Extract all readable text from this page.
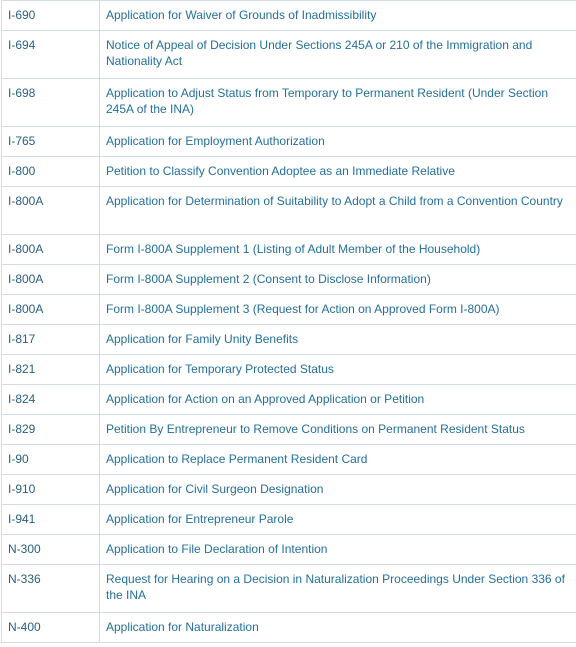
I-690	Application for Waiver of Grounds of Inadmissibility
I-694	Notice of Appeal of Decision Under Sections 245A or 210 of the Immigration and Nationality Act
I-698	Application to Adjust Status from Temporary to Permanent Resident (Under Section 245A of the INA)
I-765	Application for Employment Authorization
I-800	Petition to Classify Convention Adoptee as an Immediate Relative
I-800A	Application for Determination of Suitability to Adopt a Child from a Convention Country
I-800A	Form I-800A Supplement 1 (Listing of Adult Member of the Household)
I-800A	Form I-800A Supplement 2 (Consent to Disclose Information)
I-800A	Form I-800A Supplement 3 (Request for Action on Approved Form I-800A)
I-817	Application for Family Unity Benefits
I-821	Application for Temporary Protected Status
I-824	Application for Action on an Approved Application or Petition
I-829	Petition By Entrepreneur to Remove Conditions on Permanent Resident Status
I-90	Application to Replace Permanent Resident Card
I-910	Application for Civil Surgeon Designation
I-941	Application for Entrepreneur Parole
N-300	Application to File Declaration of Intention
N-336	Request for Hearing on a Decision in Naturalization Proceedings Under Section 336 of the INA
N-400	Application for Naturalization
